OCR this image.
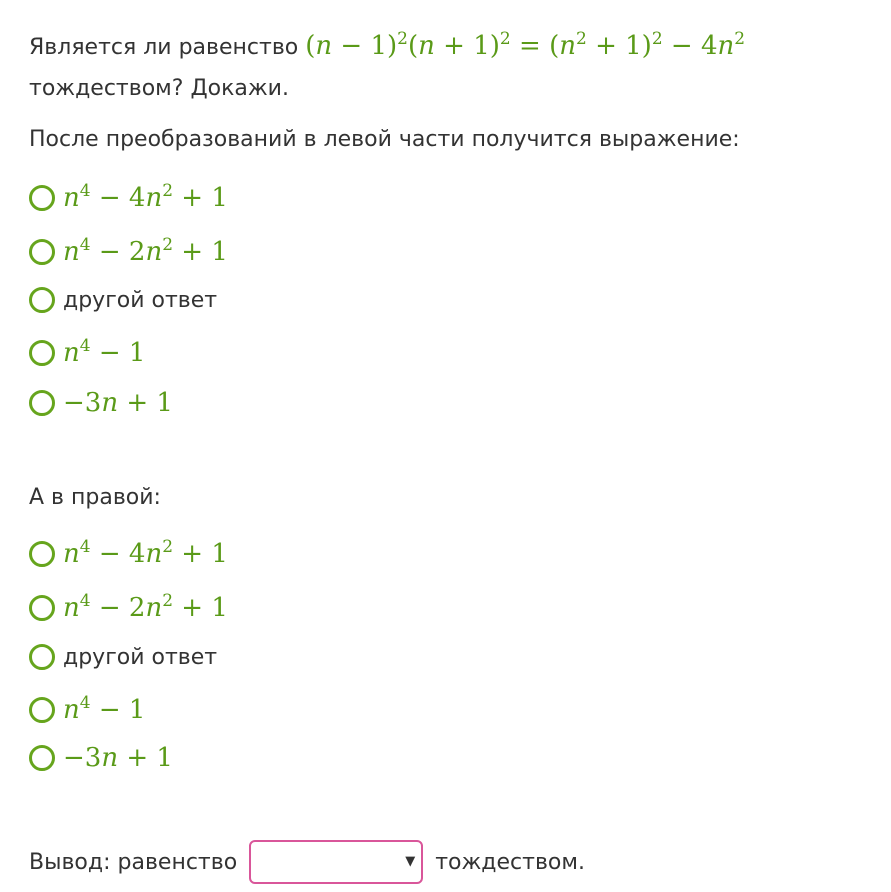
Является ли равенство $(n - 1)^2(n + 1)^2 = (n^2 + 1)^2 - 4n^2$ тождеством? Докажи.
После преобразований в левой части получится выражение:
$n^4 - 4n^2 + 1$
$n^4 - 2n^2 + 1$
другой ответ
$n^4 - 1$
−3n + 1
А в правой:
$n^4 - 4n^2 + 1$
$n^4 - 2n^2 + 1$
другой ответ
$n^4 - 1$
−3n + 1
Вывод: равенство	▼ тождеством.
